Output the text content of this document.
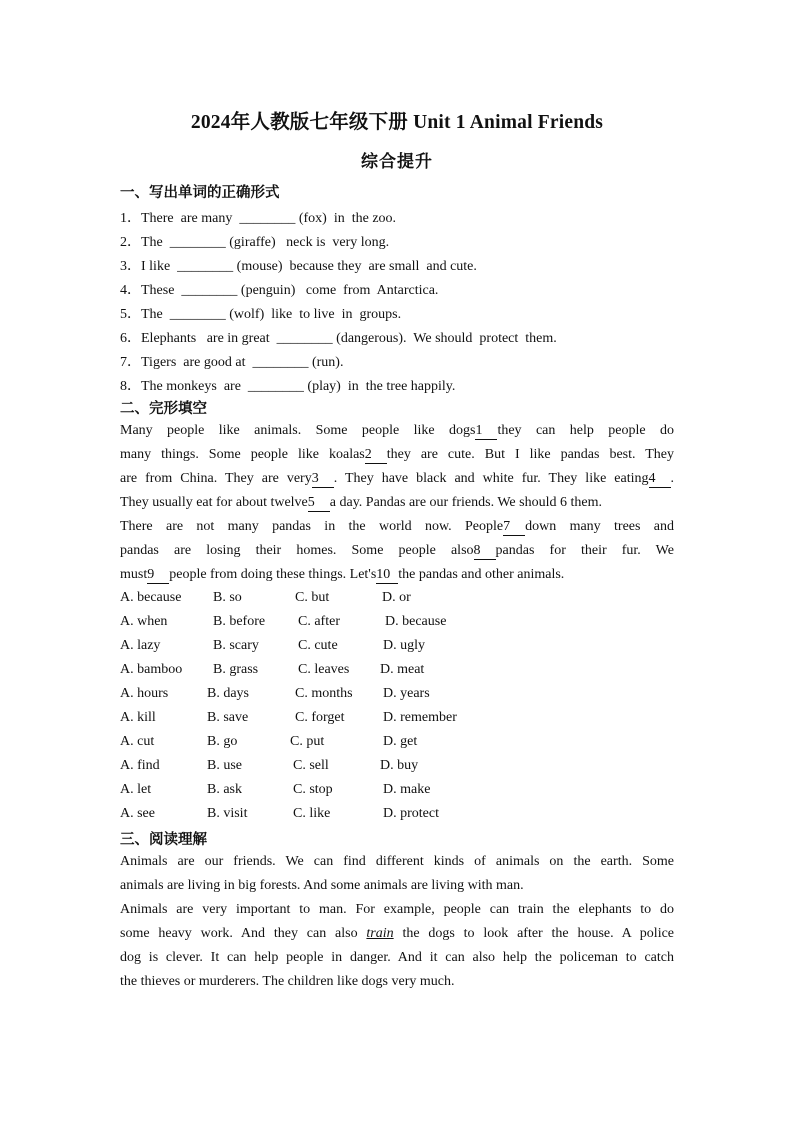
2024年人教版七年级下册 Unit 1 Animal Friends
综合提升
一、写出单词的正确形式
1．There  are many  ________ (fox)  in  the zoo.
2．The  ________ (giraffe)   neck is  very long.
3．I like  ________ (mouse)  because they  are small  and cute.
4．These  ________ (penguin)   come  from  Antarctica.
5．The  ________ (wolf)  like  to live  in  groups.
6．Elephants   are in great  ________ (dangerous).  We should  protect  them.
7．Tigers  are good at  ________ (run).
8．The monkeys  are  ________ (play)  in  the tree happily.
二、完形填空
Many people like animals. Some people like dogs1 they can help people do
many things. Some people like koalas2 they are cute. But I like pandas best. They
are from China. They are very3 . They have black and white fur. They like eating4 .
They usually eat for about twelve5 a day. Pandas are our friends. We should 6 them.
There are not many pandas in the world now. People7 down many trees and
pandas are losing their homes. Some people also8 pandas for their fur. We
must9 people from doing these things. Let's10 the pandas and other animals.
A. because B. so	C. but	D. or
A. when	B. before C. after	D. because
A. lazy	B. scary	C. cute	D. ugly
A. bamboo B. grass	C. leaves D. meat
A. hours	B. days	C. months D. years
A. kill	B. save	C. forget	D. remember
A. cut	B. go	C. put	D. get
A. find	B. use	C. sell	D. buy
A. let	B. ask	C. stop	D. make
A. see	B. visit	C. like	D. protect
三、阅读理解
Animals are our friends. We can find different kinds of animals on the earth. Some
animals are living in big forests. And some animals are living with man.
Animals are very important to man. For example, people can train the elephants to do
some heavy work. And they can also train the dogs to look after the house. A police
dog is clever. It can help people in danger. And it can also help the policeman to catch
the thieves or murderers. The children like dogs very much.
